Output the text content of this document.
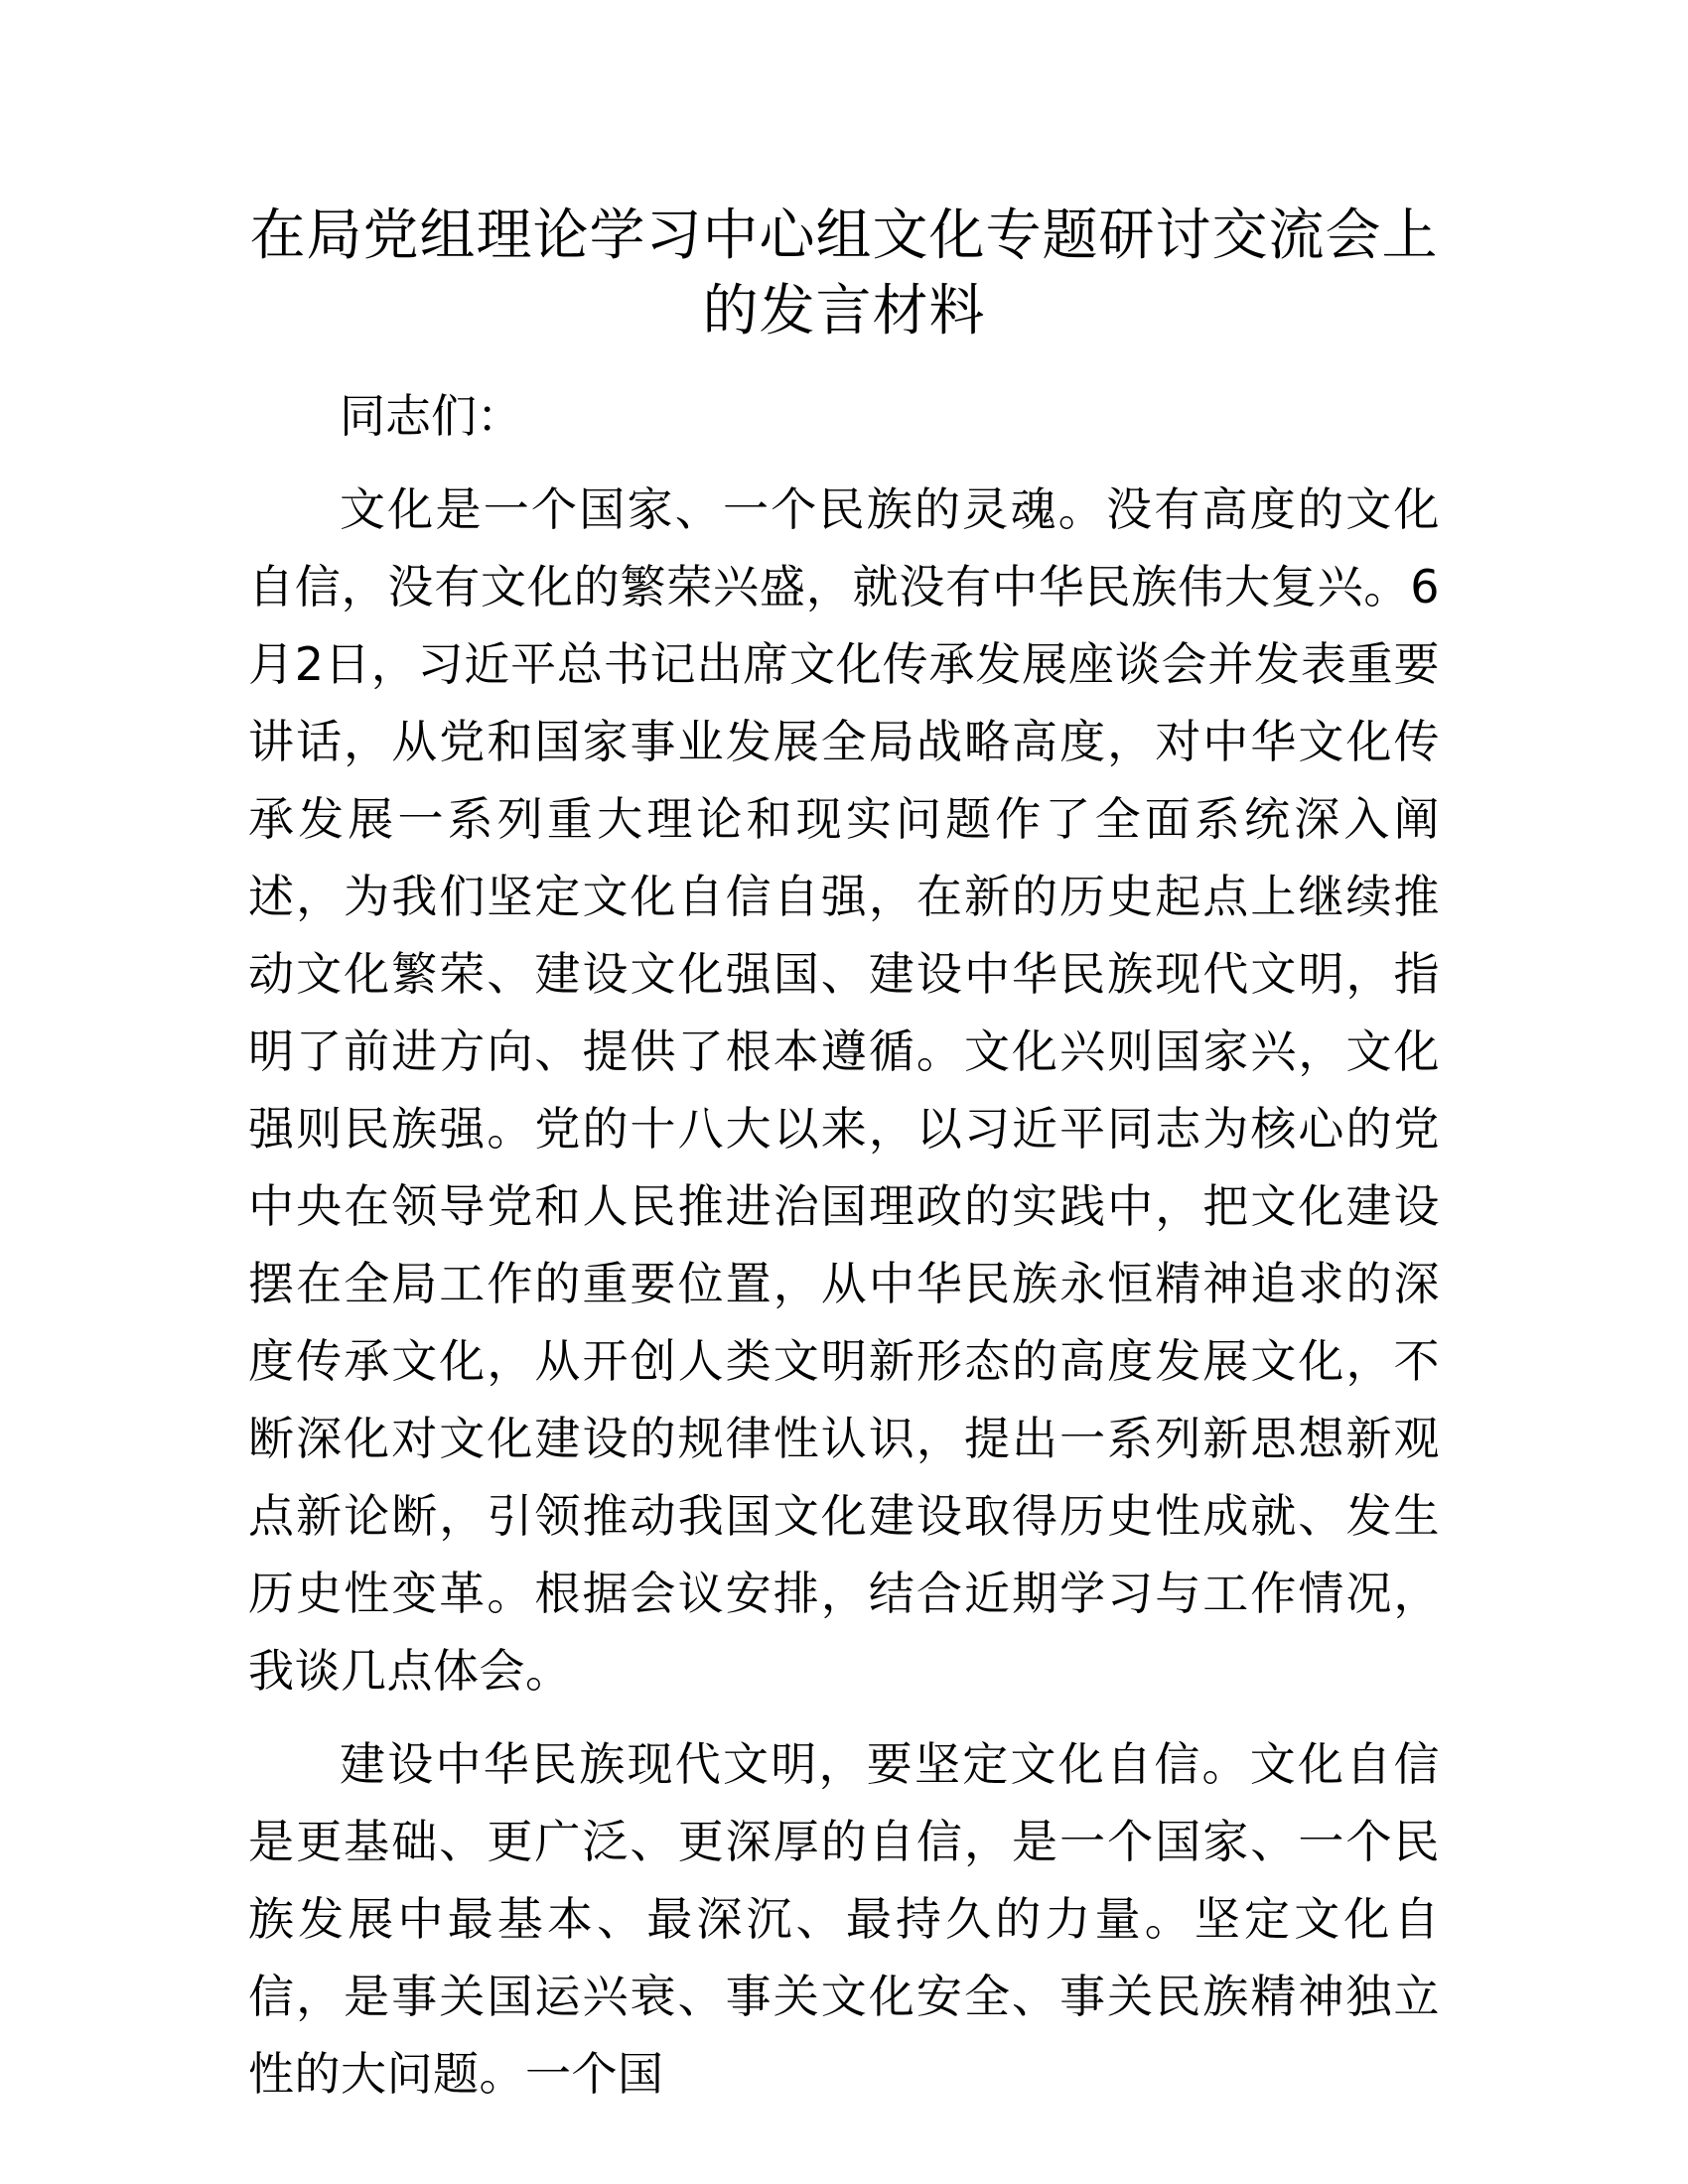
在局党组理论学习中心组文化专题研讨交流会上的发言材料

同志们：

文化是一个国家、一个民族的灵魂。没有高度的文化自信，没有文化的繁荣兴盛，就没有中华民族伟大复兴。6月2日，习近平总书记出席文化传承发展座谈会并发表重要讲话，从党和国家事业发展全局战略高度，对中华文化传承发展一系列重大理论和现实问题作了全面系统深入阐述，为我们坚定文化自信自强，在新的历史起点上继续推动文化繁荣、建设文化强国、建设中华民族现代文明，指明了前进方向、提供了根本遵循。文化兴则国家兴，文化强则民族强。党的十八大以来，以习近平同志为核心的党中央在领导党和人民推进治国理政的实践中，把文化建设摆在全局工作的重要位置，从中华民族永恒精神追求的深度传承文化，从开创人类文明新形态的高度发展文化，不断深化对文化建设的规律性认识，提出一系列新思想新观点新论断，引领推动我国文化建设取得历史性成就、发生历史性变革。根据会议安排，结合近期学习与工作情况，我谈几点体会。

建设中华民族现代文明，要坚定文化自信。文化自信是更基础、更广泛、更深厚的自信，是一个国家、一个民族发展中最基本、最深沉、最持久的力量。坚定文化自信，是事关国运兴衰、事关文化安全、事关民族精神独立性的大问题。一个国
